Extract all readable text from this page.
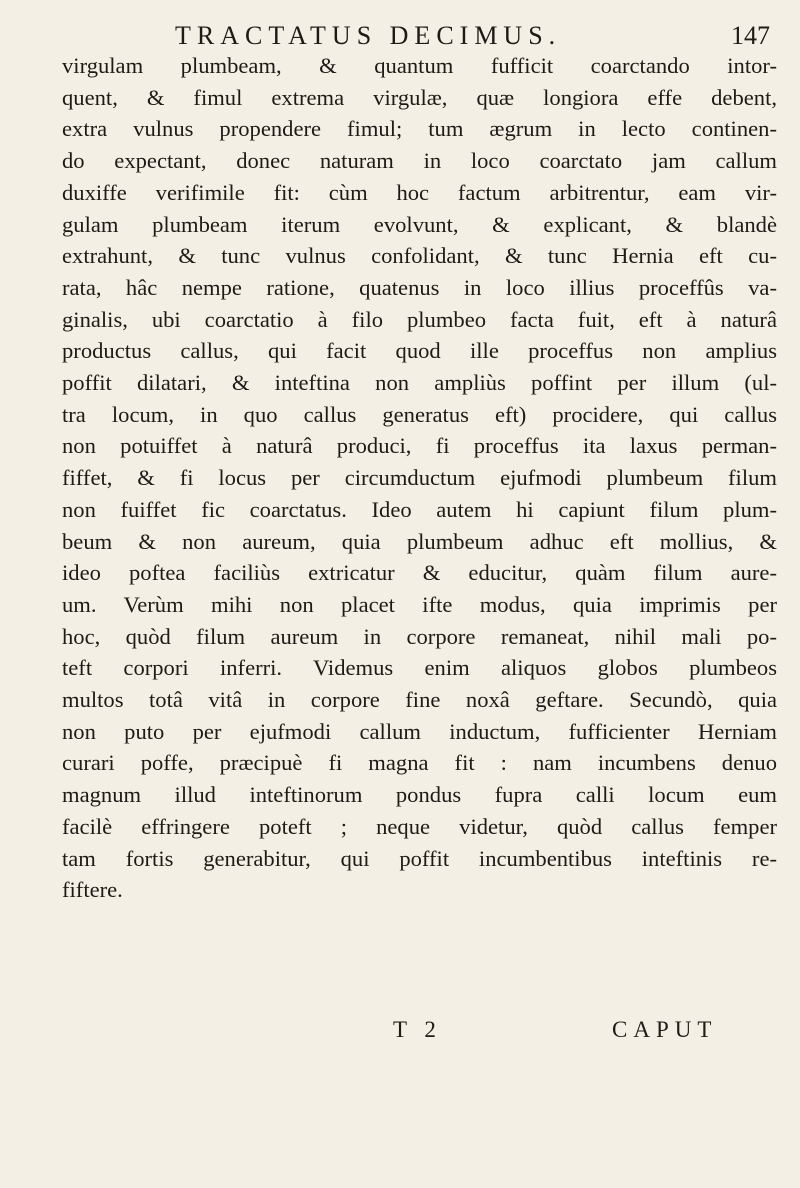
TRACTATUS DECIMUS.	147
virgulam plumbeam, & quantum fufficit coarctando intor-
quent, & fimul extrema virgulæ, quæ longiora effe debent,
extra vulnus propendere fimul; tum ægrum in lecto continen-
do expectant, donec naturam in loco coarctato jam callum
duxiffe verifimile fit: cùm hoc factum arbitrentur, eam vir-
gulam plumbeam iterum evolvunt, & explicant, & blandè
extrahunt, & tunc vulnus confolidant, & tunc Hernia eft cu-
rata, hâc nempe ratione, quatenus in loco illius proceffûs va-
ginalis, ubi coarctatio à filo plumbeo facta fuit, eft à naturâ
productus callus, qui facit quod ille proceffus non amplius
poffit dilatari, & inteftina non ampliùs poffint per illum (ul-
tra locum, in quo callus generatus eft) procidere, qui callus
non potuiffet à naturâ produci, fi proceffus ita laxus perman-
fiffet, & fi locus per circumductum ejufmodi plumbeum filum
non fuiffet fic coarctatus. Ideo autem hi capiunt filum plum-
beum & non aureum, quia plumbeum adhuc eft mollius, &
ideo poftea faciliùs extricatur & educitur, quàm filum aure-
um. Verùm mihi non placet ifte modus, quia imprimis per
hoc, quòd filum aureum in corpore remaneat, nihil mali po-
teft corpori inferri. Videmus enim aliquos globos plumbeos
multos totâ vitâ in corpore fine noxâ geftare. Secundò, quia
non puto per ejufmodi callum inductum, fufficienter Herniam
curari poffe, præcipuè fi magna fit : nam incumbens denuo
magnum illud inteftinorum pondus fupra calli locum eum
facilè effringere poteft ; neque videtur, quòd callus femper
tam fortis generabitur, qui poffit incumbentibus inteftinis re-
fiftere.
T 2	CAPUT
